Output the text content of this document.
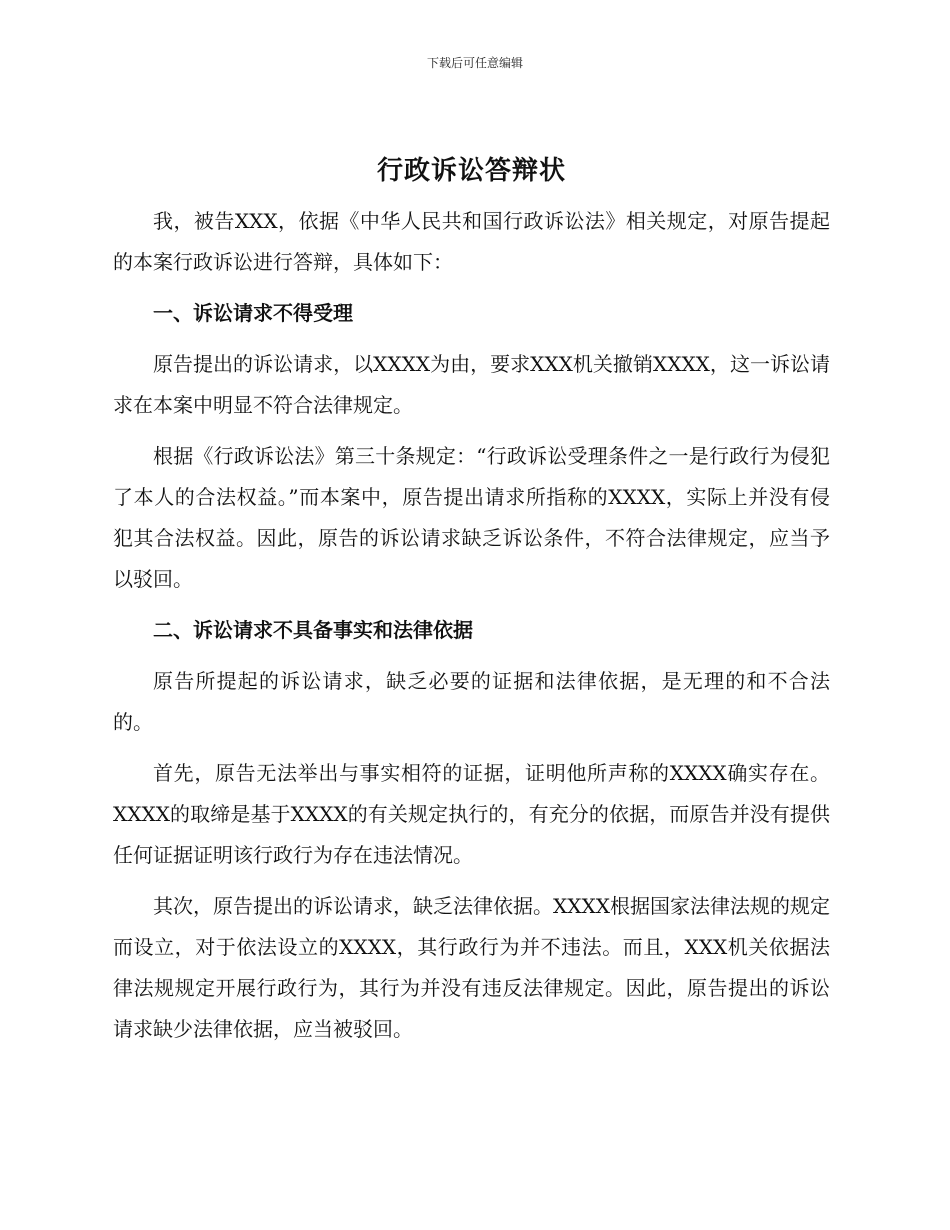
下载后可任意编辑
行政诉讼答辩状

我，被告XXX，依据《中华人民共和国行政诉讼法》相关规定，对原告提起的本案行政诉讼进行答辩，具体如下：

一、诉讼请求不得受理

原告提出的诉讼请求，以XXXX为由，要求XXX机关撤销XXXX，这一诉讼请求在本案中明显不符合法律规定。

根据《行政诉讼法》第三十条规定：“行政诉讼受理条件之一是行政行为侵犯了本人的合法权益。”而本案中，原告提出请求所指称的XXXX，实际上并没有侵犯其合法权益。因此，原告的诉讼请求缺乏诉讼条件，不符合法律规定，应当予以驳回。

二、诉讼请求不具备事实和法律依据

原告所提起的诉讼请求，缺乏必要的证据和法律依据，是无理的和不合法的。

首先，原告无法举出与事实相符的证据，证明他所声称的XXXX确实存在。XXXX的取缔是基于XXXX的有关规定执行的，有充分的依据，而原告并没有提供任何证据证明该行政行为存在违法情况。

其次，原告提出的诉讼请求，缺乏法律依据。XXXX根据国家法律法规的规定而设立，对于依法设立的XXXX，其行政行为并不违法。而且，XXX机关依据法律法规规定开展行政行为，其行为并没有违反法律规定。因此，原告提出的诉讼请求缺少法律依据，应当被驳回。
